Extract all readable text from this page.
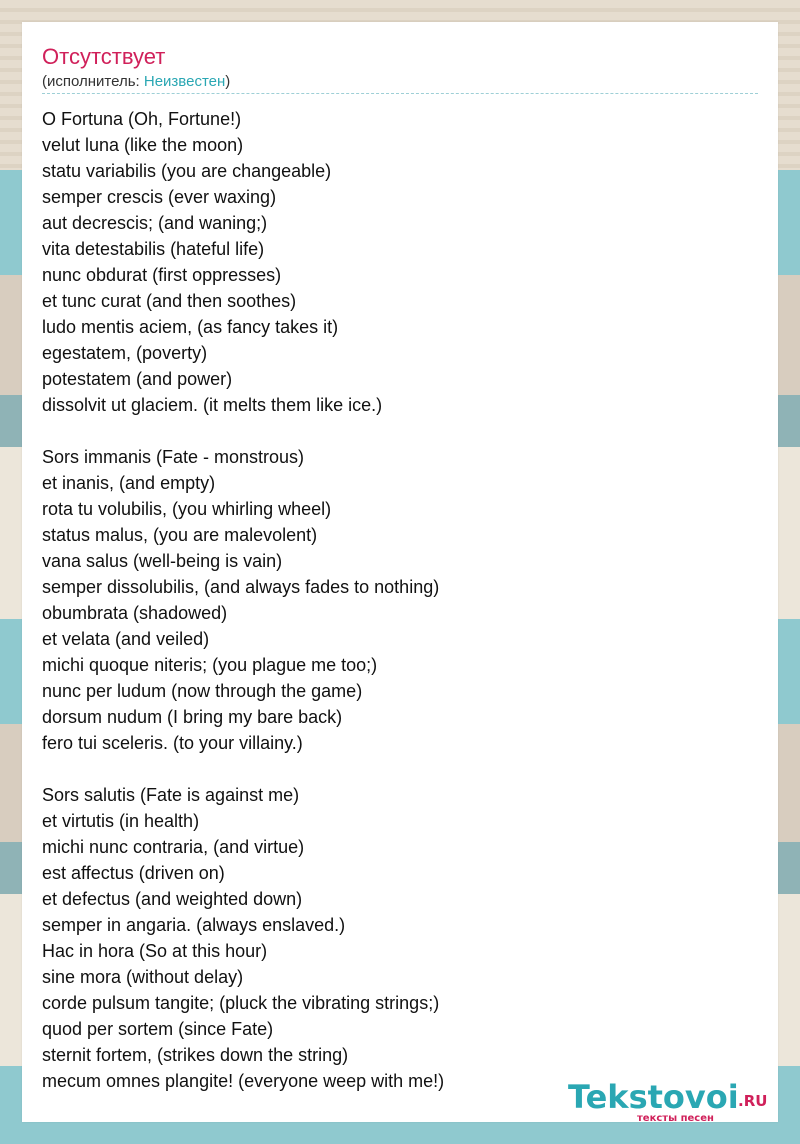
Отсутствует
(исполнитель: Неизвестен)
O Fortuna (Oh, Fortune!)
velut luna (like the moon)
statu variabilis (you are changeable)
semper crescis (ever waxing)
aut decrescis; (and waning;)
vita detestabilis (hateful life)
nunc obdurat (first oppresses)
et tunc curat (and then soothes)
ludo mentis aciem, (as fancy takes it)
egestatem, (poverty)
potestatem (and power)
dissolvit ut glaciem. (it melts them like ice.)
Sors immanis (Fate - monstrous)
et inanis, (and empty)
rota tu volubilis, (you whirling wheel)
status malus, (you are malevolent)
vana salus (well-being is vain)
semper dissolubilis, (and always fades to nothing)
obumbrata (shadowed)
et velata (and veiled)
michi quoque niteris; (you plague me too;)
nunc per ludum (now through the game)
dorsum nudum (I bring my bare back)
fero tui sceleris. (to your villainy.)
Sors salutis (Fate is against me)
et virtutis (in health)
michi nunc contraria, (and virtue)
est affectus (driven on)
et defectus (and weighted down)
semper in angaria. (always enslaved.)
Hac in hora (So at this hour)
sine mora (without delay)
corde pulsum tangite; (pluck the vibrating strings;)
quod per sortem (since Fate)
sternit fortem, (strikes down the string)
mecum omnes plangite! (everyone weep with me!)	Tekstovoi .RU
тексты песен
